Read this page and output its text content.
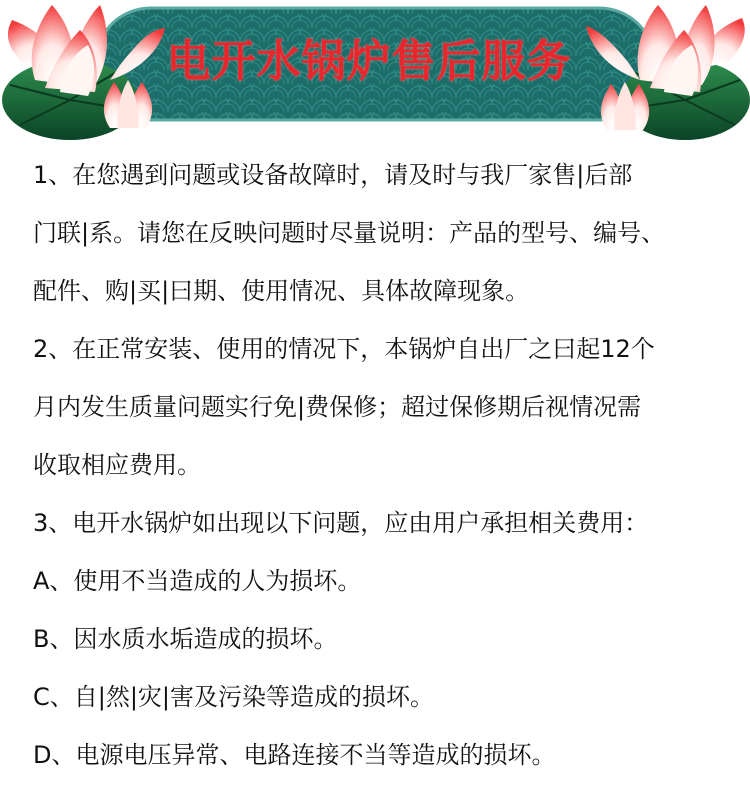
电开水锅炉售后服务
1、在您遇到问题或设备故障时，请及时与我厂家售|后部
门联|系。请您在反映问题时尽量说明：产品的型号、编号、
配件、购|买|曰期、使用情况、具体故障现象。
2、在正常安装、使用的情况下，本锅炉自出厂之曰起12个
月内发生质量问题实行免|费保修；超过保修期后视情况需
收取相应费用。
3、电开水锅炉如出现以下问题，应由用户承担相关费用：
A、使用不当造成的人为损坏。
B、因水质水垢造成的损坏。
C、自|然|灾|害及污染等造成的损坏。
D、电源电压异常、电路连接不当等造成的损坏。
